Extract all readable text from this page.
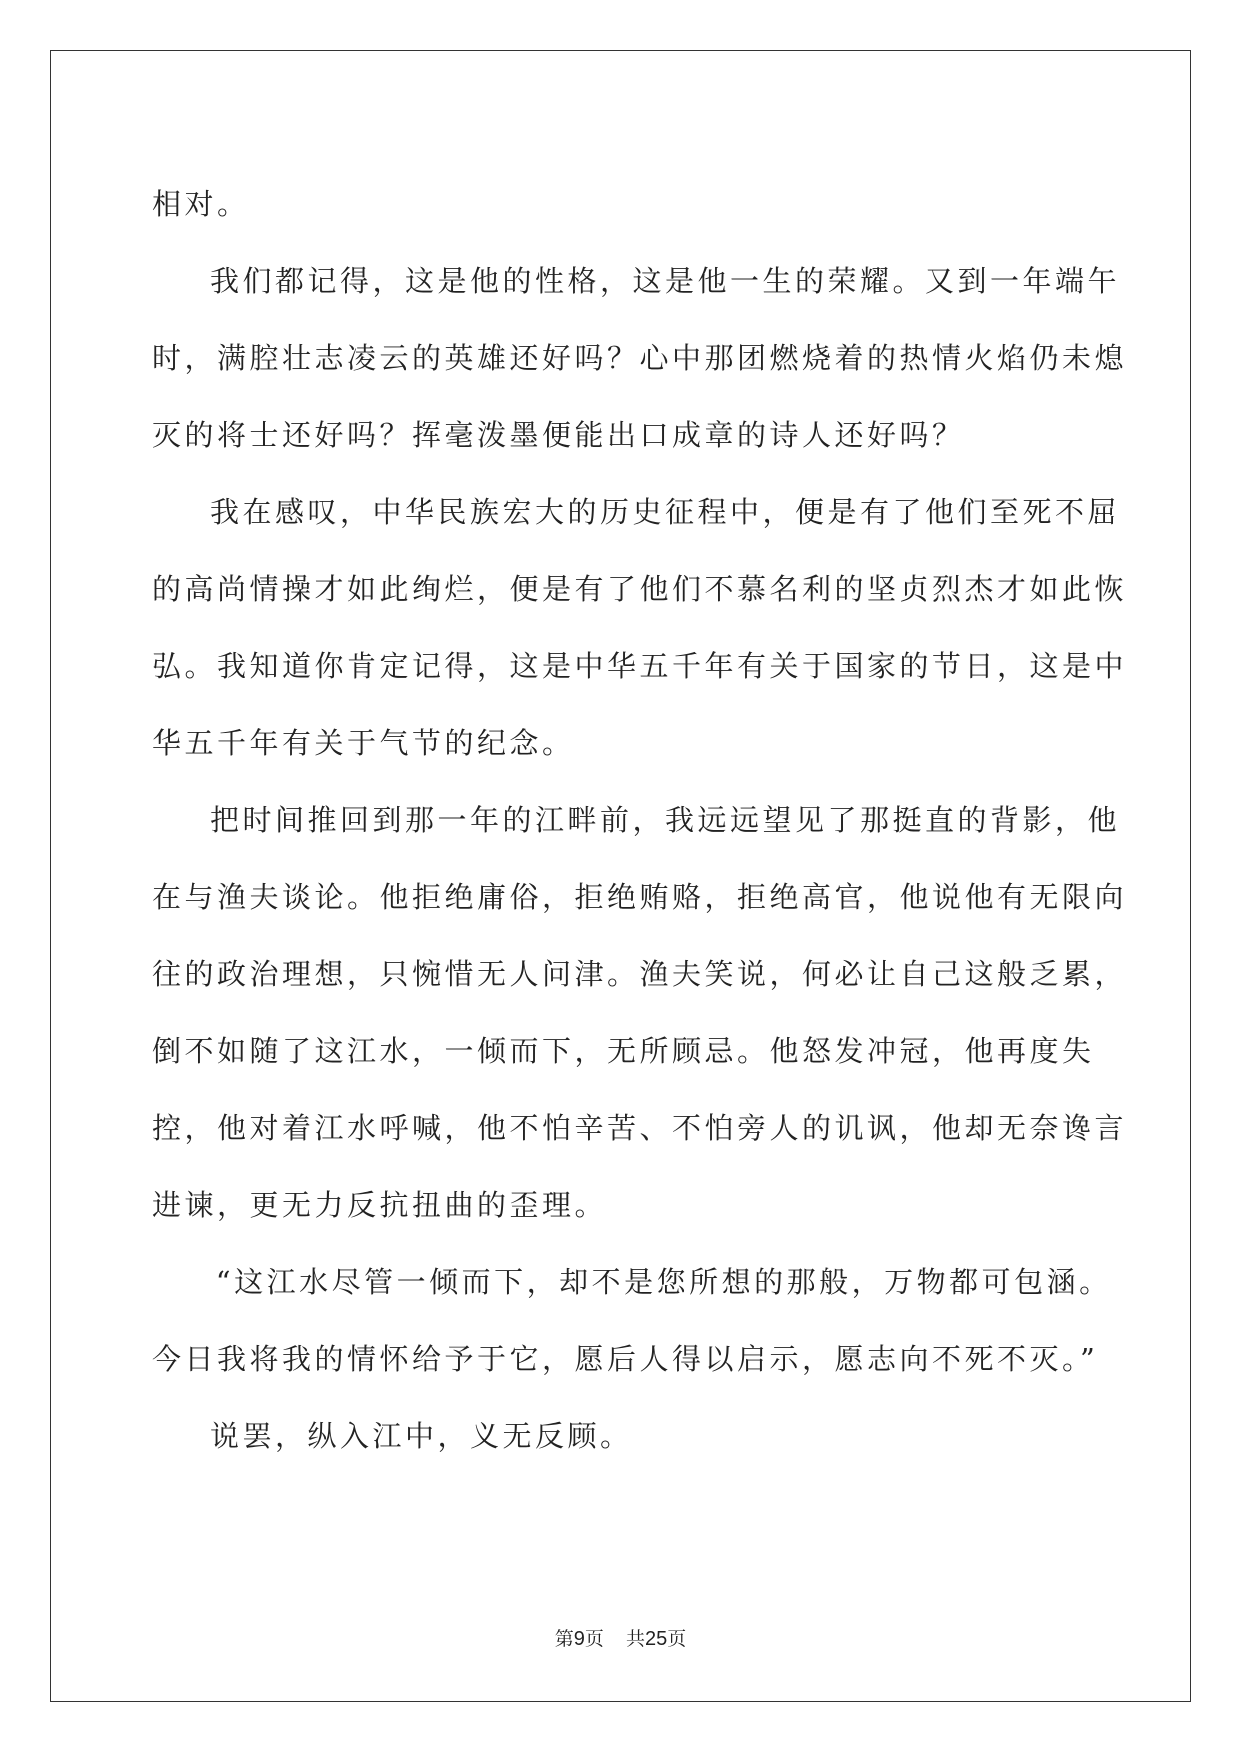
相对。

我们都记得，这是他的性格，这是他一生的荣耀。又到一年端午时，满腔壮志凌云的英雄还好吗？心中那团燃烧着的热情火焰仍未熄灭的将士还好吗？挥毫泼墨便能出口成章的诗人还好吗？

我在感叹，中华民族宏大的历史征程中，便是有了他们至死不屈的高尚情操才如此绚烂，便是有了他们不慕名利的坚贞烈杰才如此恢弘。我知道你肯定记得，这是中华五千年有关于国家的节日，这是中华五千年有关于气节的纪念。

把时间推回到那一年的江畔前，我远远望见了那挺直的背影，他在与渔夫谈论。他拒绝庸俗，拒绝贿赂，拒绝高官，他说他有无限向往的政治理想，只惋惜无人问津。渔夫笑说，何必让自己这般乏累，倒不如随了这江水，一倾而下，无所顾忌。他怒发冲冠，他再度失控，他对着江水呼喊，他不怕辛苦、不怕旁人的讥讽，他却无奈谗言进谏，更无力反抗扭曲的歪理。

“这江水尽管一倾而下，却不是您所想的那般，万物都可包涵。今日我将我的情怀给予于它，愿后人得以启示，愿志向不死不灭。”

说罢，纵入江中，义无反顾。

第9页 共25页
